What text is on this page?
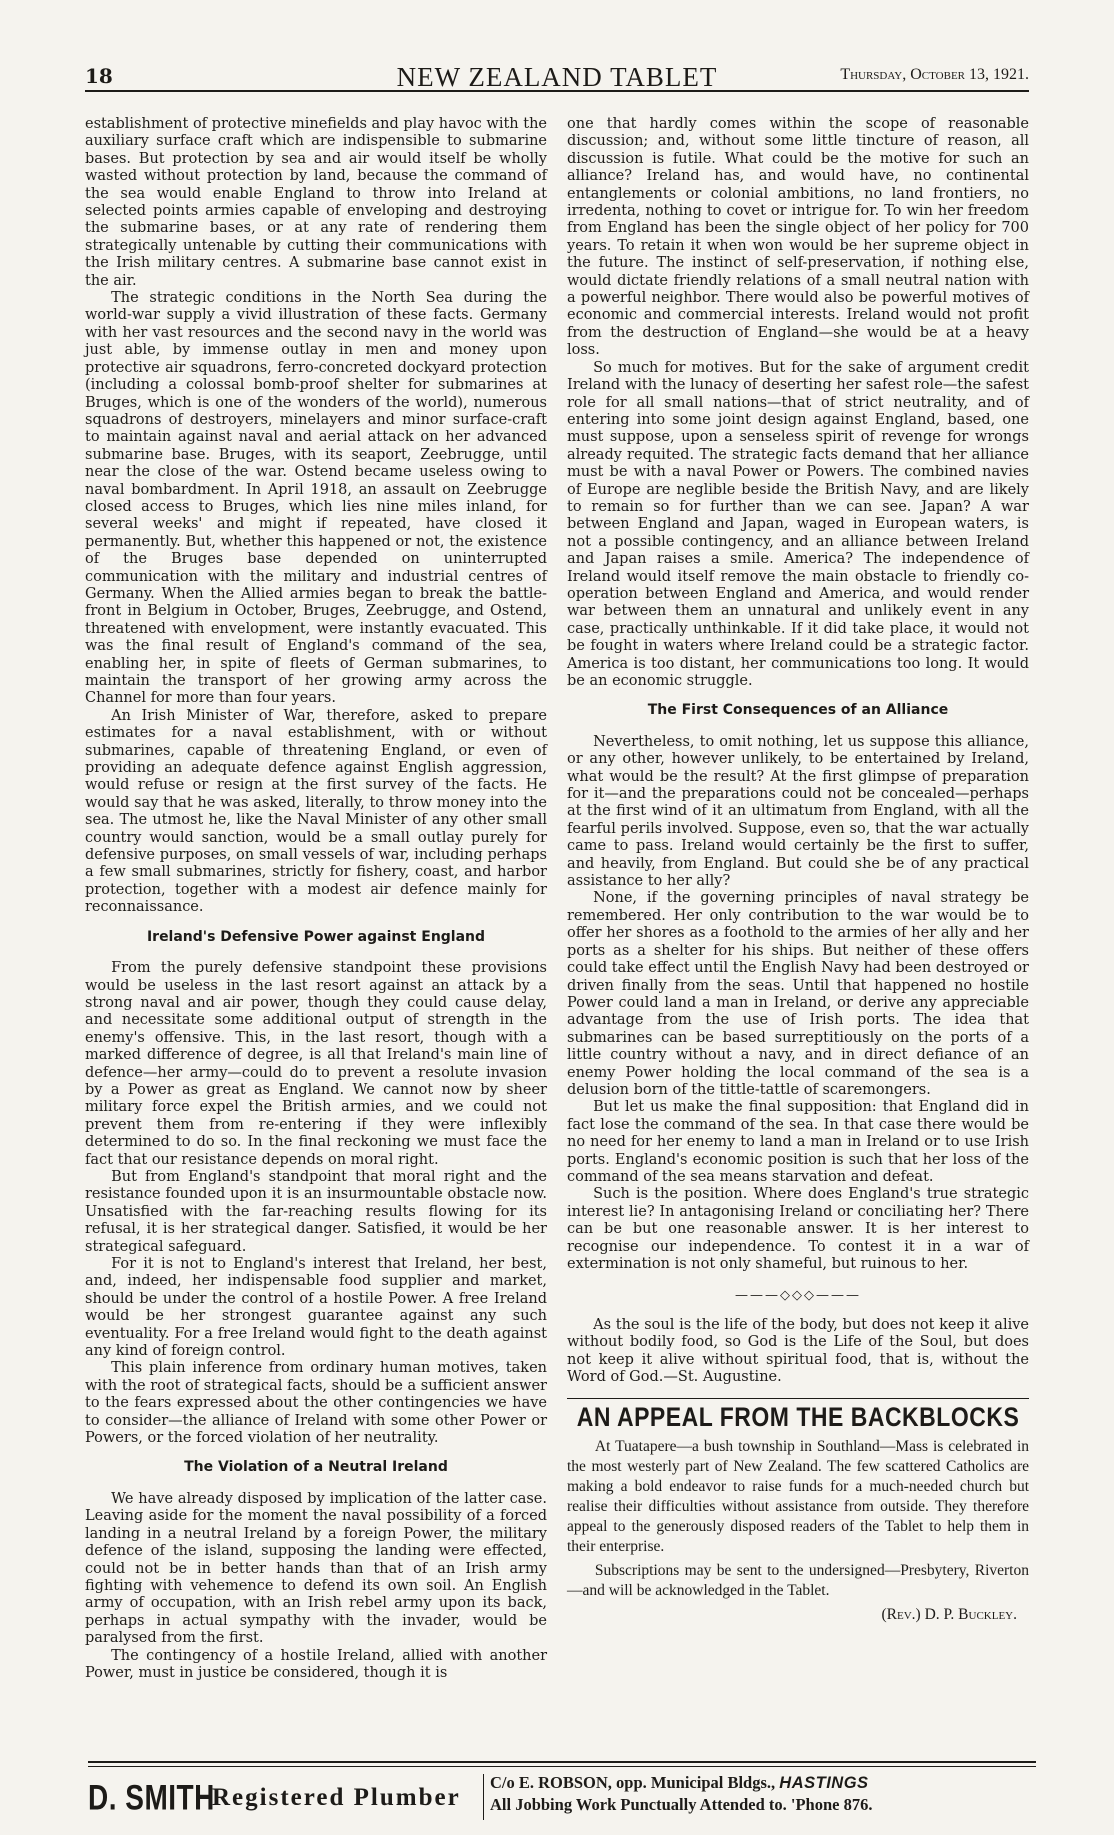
18	NEW ZEALAND TABLET	Thursday, October 13, 1921.

establishment of protective minefields and play havoc with the auxiliary surface craft which are indispensible to submarine bases. But protection by sea and air would itself be wholly wasted without protection by land, because the command of the sea would enable England to throw into Ireland at selected points armies capable of enveloping and destroying the submarine bases, or at any rate of rendering them strategically untenable by cutting their communications with the Irish military centres. A submarine base cannot exist in the air.

The strategic conditions in the North Sea during the world-war supply a vivid illustration of these facts. Germany with her vast resources and the second navy in the world was just able, by immense outlay in men and money upon protective air squadrons, ferro-concreted dockyard protection (including a colossal bomb-proof shelter for submarines at Bruges, which is one of the wonders of the world), numerous squadrons of destroyers, minelayers and minor surface-craft to maintain against naval and aerial attack on her advanced submarine base. Bruges, with its seaport, Zeebrugge, until near the close of the war. Ostend became useless owing to naval bombardment. In April 1918, an assault on Zeebrugge closed access to Bruges, which lies nine miles inland, for several weeks' and might if repeated, have closed it permanently. But, whether this happened or not, the existence of the Bruges base depended on uninterrupted communication with the military and industrial centres of Germany. When the Allied armies began to break the battle-front in Belgium in October, Bruges, Zeebrugge, and Ostend, threatened with envelopment, were instantly evacuated. This was the final result of England's command of the sea, enabling her, in spite of fleets of German submarines, to maintain the transport of her growing army across the Channel for more than four years.

An Irish Minister of War, therefore, asked to prepare estimates for a naval establishment, with or without submarines, capable of threatening England, or even of providing an adequate defence against English aggression, would refuse or resign at the first survey of the facts. He would say that he was asked, literally, to throw money into the sea. The utmost he, like the Naval Minister of any other small country would sanction, would be a small outlay purely for defensive purposes, on small vessels of war, including perhaps a few small submarines, strictly for fishery, coast, and harbor protection, together with a modest air defence mainly for reconnaissance.

Ireland's Defensive Power against England

From the purely defensive standpoint these provisions would be useless in the last resort against an attack by a strong naval and air power, though they could cause delay, and necessitate some additional output of strength in the enemy's offensive. This, in the last resort, though with a marked difference of degree, is all that Ireland's main line of defence—her army—could do to prevent a resolute invasion by a Power as great as England. We cannot now by sheer military force expel the British armies, and we could not prevent them from re-entering if they were inflexibly determined to do so. In the final reckoning we must face the fact that our resistance depends on moral right.

But from England's standpoint that moral right and the resistance founded upon it is an insurmountable obstacle now. Unsatisfied with the far-reaching results flowing for its refusal, it is her strategical danger. Satisfied, it would be her strategical safeguard.

For it is not to England's interest that Ireland, her best, and, indeed, her indispensable food supplier and market, should be under the control of a hostile Power. A free Ireland would be her strongest guarantee against any such eventuality. For a free Ireland would fight to the death against any kind of foreign control.

This plain inference from ordinary human motives, taken with the root of strategical facts, should be a sufficient answer to the fears expressed about the other contingencies we have to consider—the alliance of Ireland with some other Power or Powers, or the forced violation of her neutrality.

The Violation of a Neutral Ireland

We have already disposed by implication of the latter case. Leaving aside for the moment the naval possibility of a forced landing in a neutral Ireland by a foreign Power, the military defence of the island, supposing the landing were effected, could not be in better hands than that of an Irish army fighting with vehemence to defend its own soil. An English army of occupation, with an Irish rebel army upon its back, perhaps in actual sympathy with the invader, would be paralysed from the first.

The contingency of a hostile Ireland, allied with another Power, must in justice be considered, though it is

one that hardly comes within the scope of reasonable discussion; and, without some little tincture of reason, all discussion is futile. What could be the motive for such an alliance? Ireland has, and would have, no continental entanglements or colonial ambitions, no land frontiers, no irredenta, nothing to covet or intrigue for. To win her freedom from England has been the single object of her policy for 700 years. To retain it when won would be her supreme object in the future. The instinct of self-preservation, if nothing else, would dictate friendly relations of a small neutral nation with a powerful neighbor. There would also be powerful motives of economic and commercial interests. Ireland would not profit from the destruction of England—she would be at a heavy loss.

So much for motives. But for the sake of argument credit Ireland with the lunacy of deserting her safest role—the safest role for all small nations—that of strict neutrality, and of entering into some joint design against England, based, one must suppose, upon a senseless spirit of revenge for wrongs already requited. The strategic facts demand that her alliance must be with a naval Power or Powers. The combined navies of Europe are neglible beside the British Navy, and are likely to remain so for further than we can see. Japan? A war between England and Japan, waged in European waters, is not a possible contingency, and an alliance between Ireland and Japan raises a smile. America? The independence of Ireland would itself remove the main obstacle to friendly co-operation between England and America, and would render war between them an unnatural and unlikely event in any case, practically unthinkable. If it did take place, it would not be fought in waters where Ireland could be a strategic factor. America is too distant, her communications too long. It would be an economic struggle.

The First Consequences of an Alliance

Nevertheless, to omit nothing, let us suppose this alliance, or any other, however unlikely, to be entertained by Ireland, what would be the result? At the first glimpse of preparation for it—and the preparations could not be concealed—perhaps at the first wind of it an ultimatum from England, with all the fearful perils involved. Suppose, even so, that the war actually came to pass. Ireland would certainly be the first to suffer, and heavily, from England. But could she be of any practical assistance to her ally?

None, if the governing principles of naval strategy be remembered. Her only contribution to the war would be to offer her shores as a foothold to the armies of her ally and her ports as a shelter for his ships. But neither of these offers could take effect until the English Navy had been destroyed or driven finally from the seas. Until that happened no hostile Power could land a man in Ireland, or derive any appreciable advantage from the use of Irish ports. The idea that submarines can be based surreptitiously on the ports of a little country without a navy, and in direct defiance of an enemy Power holding the local command of the sea is a delusion born of the tittle-tattle of scaremongers.

But let us make the final supposition: that England did in fact lose the command of the sea. In that case there would be no need for her enemy to land a man in Ireland or to use Irish ports. England's economic position is such that her loss of the command of the sea means starvation and defeat.

Such is the position. Where does England's true strategic interest lie? In antagonising Ireland or conciliating her? There can be but one reasonable answer. It is her interest to recognise our independence. To contest it in a war of extermination is not only shameful, but ruinous to her.

———◇◇◇———

As the soul is the life of the body, but does not keep it alive without bodily food, so God is the Life of the Soul, but does not keep it alive without spiritual food, that is, without the Word of God.—St. Augustine.

AN APPEAL FROM THE BACKBLOCKS

At Tuatapere—a bush township in Southland—Mass is celebrated in the most westerly part of New Zealand. The few scattered Catholics are making a bold endeavor to raise funds for a much-needed church but realise their difficulties without assistance from outside. They therefore appeal to the generously disposed readers of the Tablet to help them in their enterprise.

Subscriptions may be sent to the undersigned—Presbytery, Riverton—and will be acknowledged in the Tablet.

(Rev.) D. P. Buckley.
D. SMITH
Registered Plumber
C/o E. ROBSON, opp. Municipal Bldgs., HASTINGS
All Jobbing Work Punctually Attended to. 'Phone 876.
